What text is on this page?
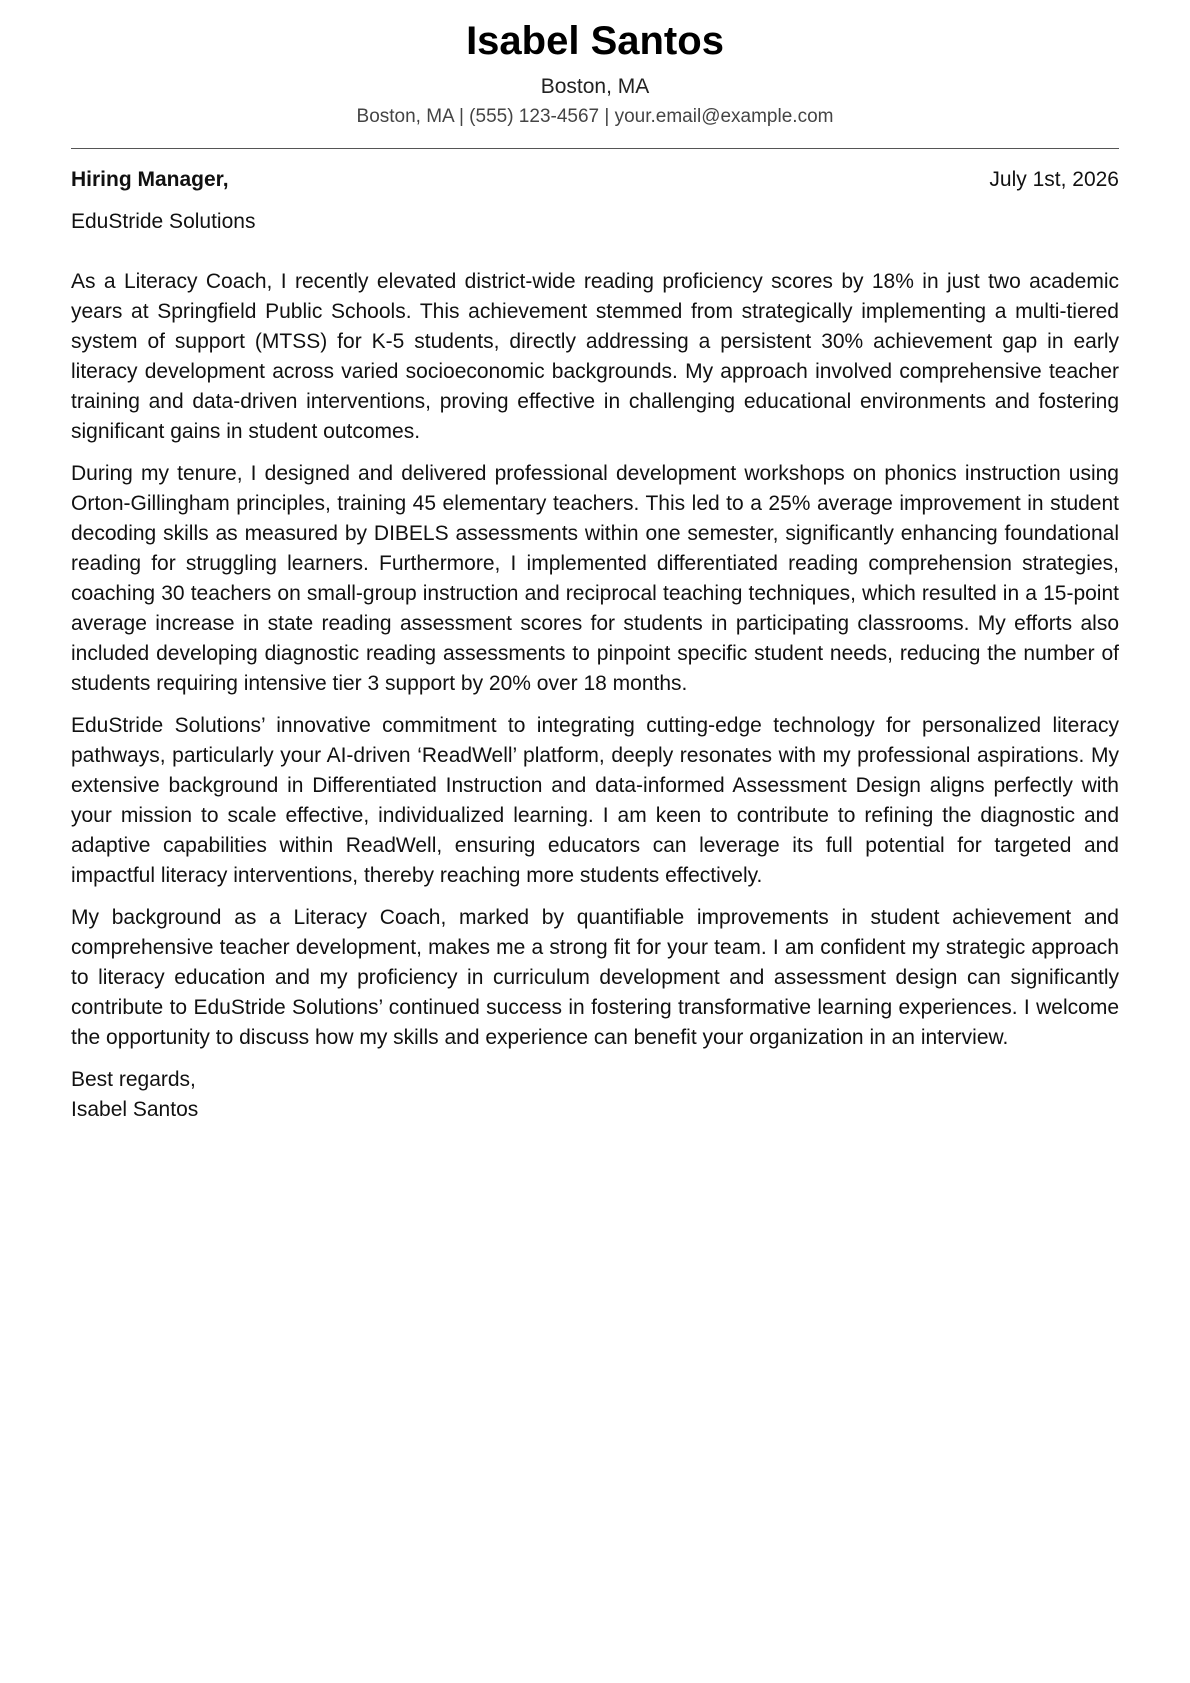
Isabel Santos
Boston, MA
Boston, MA | (555) 123-4567 | your.email@example.com
Hiring Manager,	July 1st, 2026
EduStride Solutions

As a Literacy Coach, I recently elevated district-wide reading proficiency scores by 18% in just two academic years at Springfield Public Schools. This achievement stemmed from strategically implementing a multi-tiered system of support (MTSS) for K-5 students, directly addressing a persistent 30% achievement gap in early literacy development across varied socioeconomic backgrounds. My approach involved comprehensive teacher training and data-driven interventions, proving effective in challenging educational environments and fostering significant gains in student outcomes.

During my tenure, I designed and delivered professional development workshops on phonics instruction using Orton-Gillingham principles, training 45 elementary teachers. This led to a 25% average improvement in student decoding skills as measured by DIBELS assessments within one semester, significantly enhancing foundational reading for struggling learners. Furthermore, I implemented differentiated reading comprehension strategies, coaching 30 teachers on small-group instruction and reciprocal teaching techniques, which resulted in a 15-point average increase in state reading assessment scores for students in participating classrooms. My efforts also included developing diagnostic reading assessments to pinpoint specific student needs, reducing the number of students requiring intensive tier 3 support by 20% over 18 months.

EduStride Solutions’ innovative commitment to integrating cutting-edge technology for personalized literacy pathways, particularly your AI-driven ‘ReadWell’ platform, deeply resonates with my professional aspirations. My extensive background in Differentiated Instruction and data-informed Assessment Design aligns perfectly with your mission to scale effective, individualized learning. I am keen to contribute to refining the diagnostic and adaptive capabilities within ReadWell, ensuring educators can leverage its full potential for targeted and impactful literacy interventions, thereby reaching more students effectively.

My background as a Literacy Coach, marked by quantifiable improvements in student achievement and comprehensive teacher development, makes me a strong fit for your team. I am confident my strategic approach to literacy education and my proficiency in curriculum development and assessment design can significantly contribute to EduStride Solutions’ continued success in fostering transformative learning experiences. I welcome the opportunity to discuss how my skills and experience can benefit your organization in an interview.

Best regards,
Isabel Santos
